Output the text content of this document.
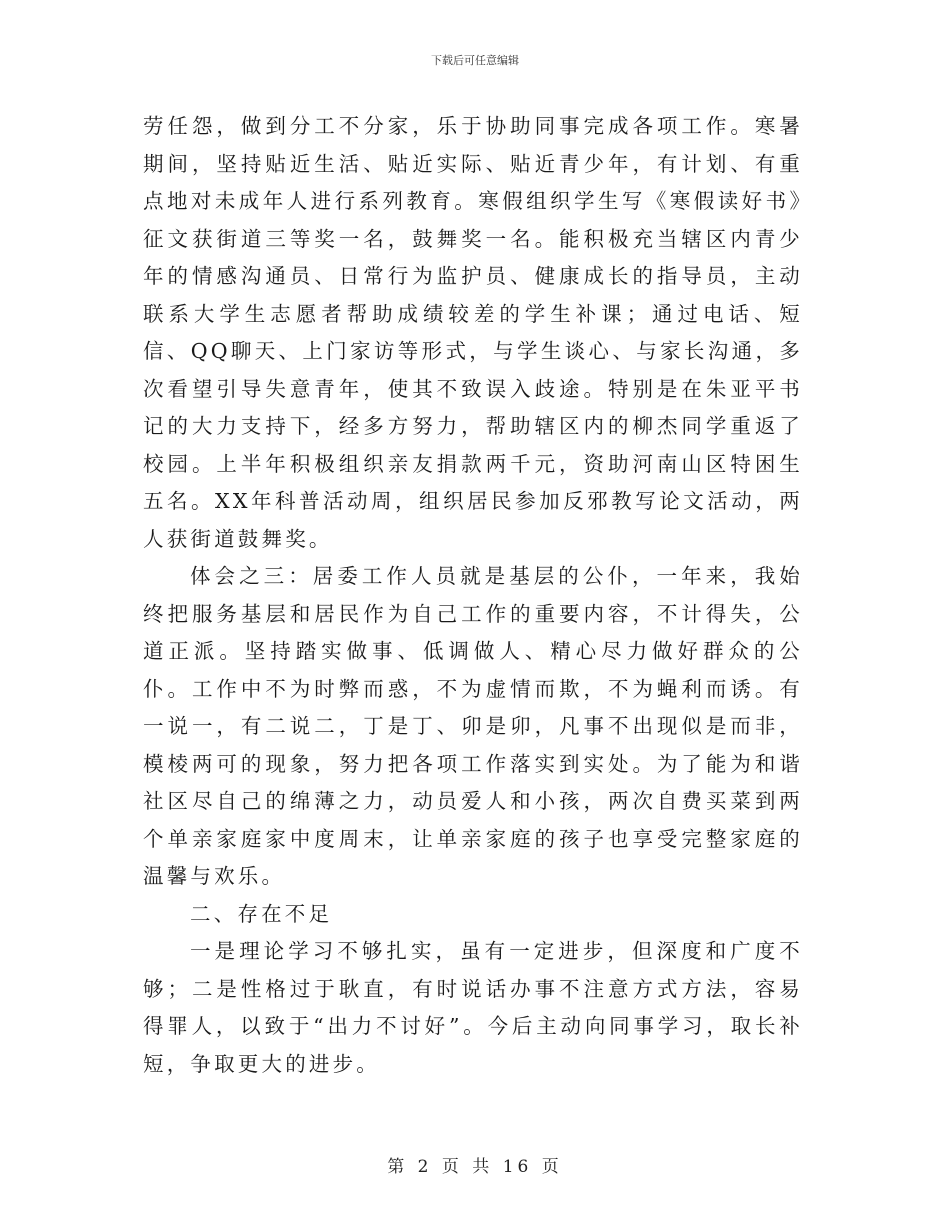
下载后可任意编辑

劳任怨，做到分工不分家，乐于协助同事完成各项工作。寒暑期间，坚持贴近生活、贴近实际、贴近青少年，有计划、有重点地对未成年人进行系列教育。寒假组织学生写《寒假读好书》征文获街道三等奖一名，鼓舞奖一名。能积极充当辖区内青少年的情感沟通员、日常行为监护员、健康成长的指导员，主动联系大学生志愿者帮助成绩较差的学生补课；通过电话、短信、QQ聊天、上门家访等形式，与学生谈心、与家长沟通，多次看望引导失意青年，使其不致误入歧途。特别是在朱亚平书记的大力支持下，经多方努力，帮助辖区内的柳杰同学重返了校园。上半年积极组织亲友捐款两千元，资助河南山区特困生五名。XX年科普活动周，组织居民参加反邪教写论文活动，两人获街道鼓舞奖。

体会之三：居委工作人员就是基层的公仆，一年来，我始终把服务基层和居民作为自己工作的重要内容，不计得失，公道正派。坚持踏实做事、低调做人、精心尽力做好群众的公仆。工作中不为时弊而惑，不为虚情而欺，不为蝇利而诱。有一说一，有二说二，丁是丁、卯是卯，凡事不出现似是而非，模棱两可的现象，努力把各项工作落实到实处。为了能为和谐社区尽自己的绵薄之力，动员爱人和小孩，两次自费买菜到两个单亲家庭家中度周末，让单亲家庭的孩子也享受完整家庭的温馨与欢乐。

二、存在不足

一是理论学习不够扎实，虽有一定进步，但深度和广度不够；二是性格过于耿直，有时说话办事不注意方式方法，容易得罪人，以致于“出力不讨好”。今后主动向同事学习，取长补短，争取更大的进步。

第 2 页 共 16 页
